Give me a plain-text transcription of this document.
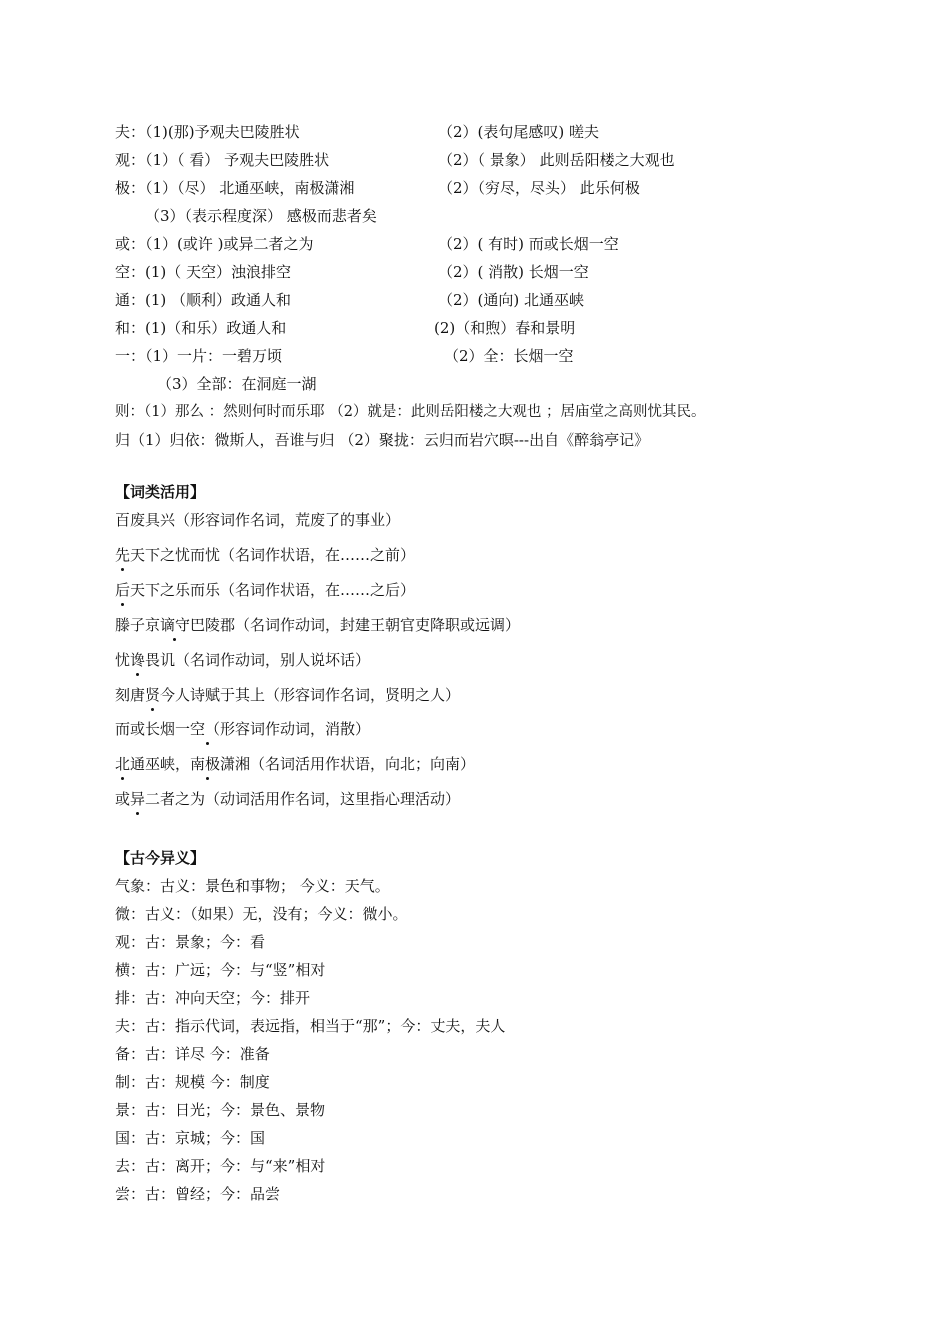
夫：（1)(那)予观夫巴陵胜状	（2）(表句尾感叹) 嗟夫
观：（1）（ 看） 予观夫巴陵胜状	（2）（ 景象） 此则岳阳楼之大观也
极：（1）（尽） 北通巫峡，南极潇湘	（2）（穷尽，尽头） 此乐何极
（3）（表示程度深） 感极而悲者矣
或：（1）(或许 )或异二者之为	（2）( 有时) 而或长烟一空
空：(1)（ 天空）浊浪排空	（2）( 消散) 长烟一空
通：(1) （顺利）政通人和	（2）(通向) 北通巫峡
和：(1)（和乐）政通人和	(2)（和煦）春和景明
一：（1）一片：一碧万顷	（2）全：长烟一空
（3）全部：在洞庭一湖
则：（1）那么 ：然则何时而乐耶 （2）就是：此则岳阳楼之大观也 ；居庙堂之高则忧其民。
归（1）归依：微斯人，吾谁与归 （2）聚拢：云归而岩穴暝---出自《醉翁亭记》
【词类活用】
百废具兴（形容词作名词，荒废了的事业）
先天下之忧而忧（名词作状语，在……之前）
后天下之乐而乐（名词作状语，在……之后）
滕子京谪守巴陵郡（名词作动词，封建王朝官吏降职或远调）
忧谗畏讥（名词作动词，别人说坏话）
刻唐贤今人诗赋于其上（形容词作名词，贤明之人）
而或长烟一空（形容词作动词，消散）
北通巫峡，南极潇湘（名词活用作状语，向北；向南）
或异二者之为（动词活用作名词，这里指心理活动）
【古今异义】
气象：古义：景色和事物； 今义：天气。
微：古义：（如果）无，没有；今义：微小。
观：古：景象；今：看
横：古：广远；今：与“竖”相对
排：古：冲向天空；今：排开
夫：古：指示代词，表远指，相当于“那”；今：丈夫，夫人
备：古：详尽 今：准备
制：古：规模 今：制度
景：古：日光；今：景色、景物
国：古：京城；今：国
去：古：离开；今：与“来”相对
尝：古：曾经；今：品尝
